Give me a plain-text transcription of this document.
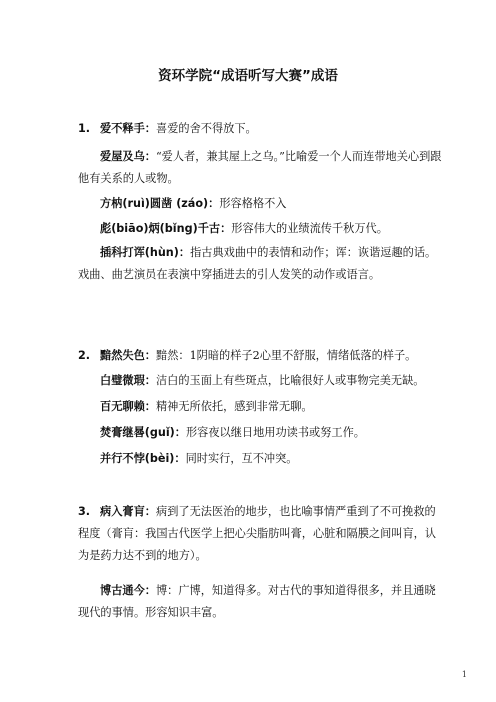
资环学院“成语听写大赛”成语
1. 爱不释手：喜爱的舍不得放下。
爱屋及乌：“爱人者，兼其屋上之乌。”比喻爱一个人而连带地关心到跟他有关系的人或物。
方枘(ruì)圆凿 (záo)：形容格格不入
彪(biāo)炳(bǐng)千古：形容伟大的业绩流传千秋万代。
插科打诨(hùn)：指古典戏曲中的表情和动作；诨：诙谐逗趣的话。戏曲、曲艺演员在表演中穿插进去的引人发笑的动作或语言。
2. 黯然失色：黯然：1阴暗的样子2心里不舒服，情绪低落的样子。
白璧微瑕：洁白的玉面上有些斑点，比喻很好人或事物完美无缺。
百无聊赖：精神无所依托，感到非常无聊。
焚膏继晷(guǐ)：形容夜以继日地用功读书或努工作。
并行不悖(bèi)：同时实行，互不冲突。
3. 病入膏肓：病到了无法医治的地步，也比喻事情严重到了不可挽救的程度（膏肓：我国古代医学上把心尖脂肪叫膏，心脏和隔膜之间叫肓，认为是药力达不到的地方）。
博古通今：博：广博，知道得多。对古代的事知道得很多，并且通晓现代的事情。形容知识丰富。
1
